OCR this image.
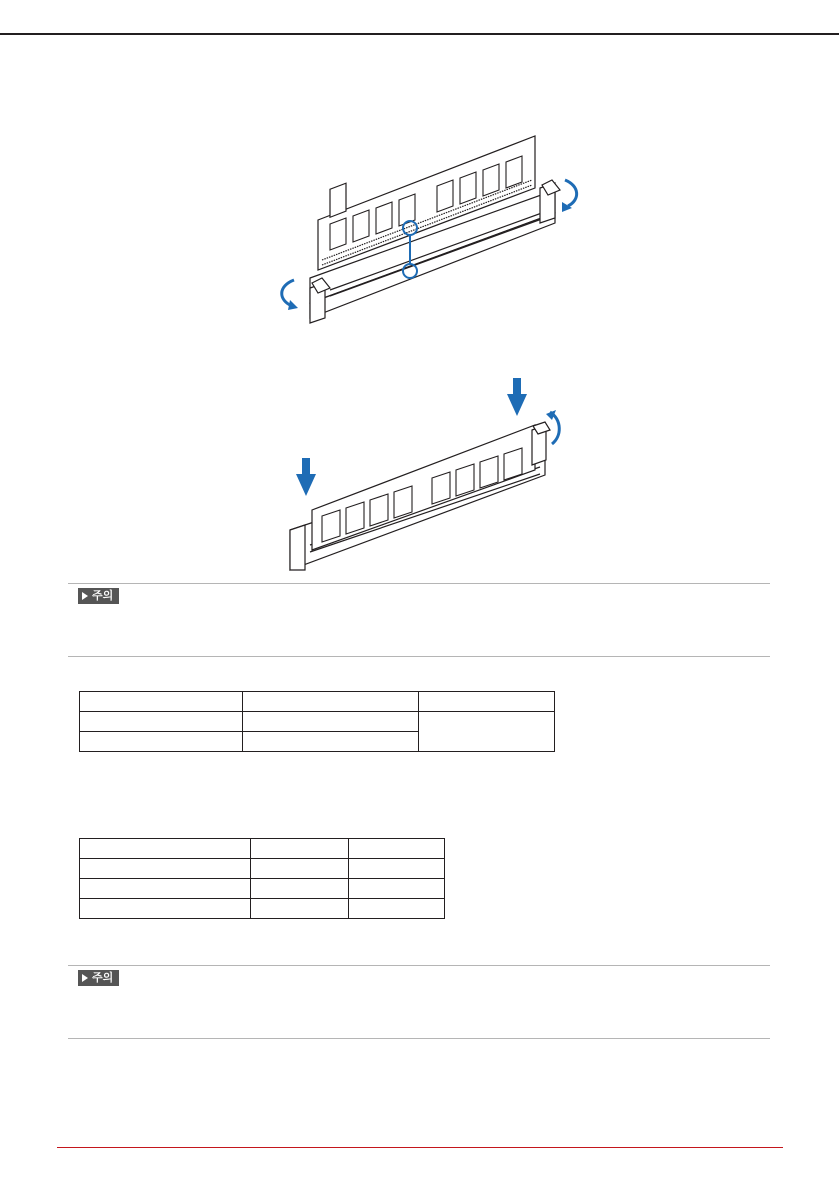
주의

주의
